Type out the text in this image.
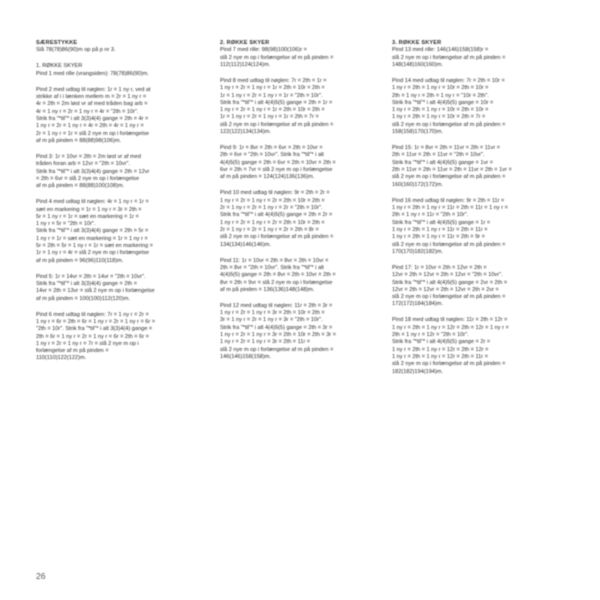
SÆRESTYKKE

Slå 78(78)86(90)m op på p nr 3.

1. RØKKE SKYER

Pind 1 med rille (vrangsiden): 78(78)86(90)m.

Pind 2 med udtag til nøglen: 1r = 1 ny r, ved at

strikke af i i lænken mellem m = 2r = 1 ny r =

4r = 2th = 2m løst vr af med tråden bag arb =

4r = 1 ny r = 2r = 1 ny r = 4r = "2th = 10r".

Strik fra "*til"* i alt 3(3)4(4) gange = 2th = 4r =

1 ny r = 2r = 1 ny r = 4r = 2th = 4r = 1 ny r =

2r = 1 ny r = 1r = slå 2 nye m op i forlængelse

af m på pinden = 88(88)98(106)m.

Pind 3: 1r = 10vr = 2th = 2m løst vr af med

tråden foran arb = 12vr = "2th = 10vr".

Strik fra "*til"* i alt 3(3)4(4) gange = 2th = 12vr

= 2th = 6vr = slå 2 nye m op i forlængelse

af m på pinden = 88(88)100(108)m.

Pind 4 med udtag til nøglen: 4r = 1 ny r = 1r =

sæt en markering = 1r = 1 ny r = 3r = 2th =

5r = 1 ny r = 1r = sæt en markering = 1r =

1 ny r = 5r = "2th = 10r".

Strik fra "*til"* i alt 3(3)4(4) gange = 2th = 5r =

1 ny r = 1r = sæt en markering = 1r = 1 ny r =

5r = 2th = 5r = 1 ny r = 1r = sæt en markering =

1r = 1 ny r = 4r = slå 2 nye m op i forlængelse

af m på pinden = 96(96)110(118)m.

Pind 5: 1r = 14vr = 2th = 14vr = "2th = 10vr".

Strik fra "*til"* i alt 3(3)4(4) gange = 2th =

14vr = 2th = 13vr = slå 2 nye m op i forlængelse

af m på pinden = 100(100)112(120)m.

Pind 6 med udtag til nøglen: 7r = 1 ny r = 2r =

1 ny r = 6r = 2th = 6r = 1 ny r = 2r = 1 ny r = 6r =

"2th = 10r". Strik fra "*til"* i alt 3(3)4(4) gange =

2th = 6r = 1 ny r = 2r = 1 ny r = 6r = 2th = 6r =

1 ny r = 2r = 1 ny r = 7r = slå 2 nye m op i

forlængelse af m på pinden =

110(110)122(122)m.

2. RØKKE SKYER

Pind 7 med rille: 98(98)100(106)r =

slå 2 nye m op i forlængelse af m på pinden =

112(112)124(124)m.

Pind 8 med udtag til nøglen: 7r = 2th = 1r =

1 ny r = 2r = 1 ny r = 1r = 2th = 10r = 2th =

1r = 1 ny r = 2r = 1 ny r = 1r = "2th = 10r".

Strik fra "*til"* i alt 4(4)5(5) gange = 2th = 1r =

1 ny r = 2r = 1 ny r = 1r = 2th = 10r = 2th =

1r = 1 ny r = 2r = 1 ny r = 1r = 2th = 7r =

slå 2 nye m op i forlængelse af m på pinden =

122(122)134(134)m.

Pind 9: 1r = 8vr = 2th = 6vr = 2th = 10vr =

2th = 6vr = "2th = 10vr". Strik fra "*til"* i alt

4(4)5(5) gange = 2th = 6vr = 2th = 10vr = 2th =

6vr = 2th = 7vr = slå 2 nye m op i forlængelse

af m på pinden = 124(124)136(136)m.

Pind 10 med udtag til nøglen: 9r = 2th = 2r =

1 ny r = 2r = 1 ny r = 2r = 2th = 10r = 2th =

2r = 1 ny r = 2r = 1 ny r = 2r = "2th = 10r".

Strik fra "*til"* i alt 4(4)5(5) gange = 2th = 2r =

1 ny r = 2r = 1 ny r = 2r = 2th = 10r = 2th =

2r = 1 ny r = 2r = 1 ny r = 2r = 2th = 8r =

slå 2 nye m op i forlængelse af m på pinden =

134(134)146(146)m.

Pind 11: 1r = 10vr = 2th = 8vr = 2th = 10vr =

2th = 8vr = "2th = 10vr". Strik fra "*til"* i alt

4(4)5(5) gange = 2th = 8vr = 2th = 10vr = 2th =

8vr = 2th = 9vr = slå 2 nye m op i forlængelse

af m på pinden = 136(136)148(148)m.

Pind 12 med udtag til nøglen: 11r = 2th = 3r =

1 ny r = 2r = 1 ny r = 3r = 2th = 10r = 2th =

3r = 1 ny r = 2r = 1 ny r = 3r = "2th = 10r".

Strik fra "*til"* i alt 4(4)5(5) gange = 2th = 3r =

1 ny r = 2r = 1 ny r = 3r = 2th = 10r = 2th = 3r =

1 ny r = 2r = 1 ny r = 3r = 2th = 11r =

slå 2 nye m op i forlængelse af m på pinden =

146(146)158(158)m.

3. RØKKE SKYER

Pind 13 med rille: 146(146)158(158)r =

slå 2 nye m op i forlængelse af m på pinden =

148(148)160(160)m.

Pind 14 med udtag til nøglen: 7r = 2th = 10r =

1 ny r = 2th = 1 ny r = 10r = 2th = 10r =

2th = 1 ny r = 2th = 1 ny r = "10r = 2th".

Strik fra "*til"* i alt 4(4)5(5) gange = 10r =

1 ny r = 2th = 1 ny r = 10r = 2th = 10r =

1 ny r = 2th = 1 ny r = 10r = 2th = 7r =

slå 2 nye m op i forlængelse af m på pinden =

158(158)170(170)m.

Pind 15: 1r = 8vr = 2th = 11vr = 2th = 11vr =

2th = 11vr = 2th = 11vr = "2th = 10vr".

Strik fra "*til"* i alt 4(4)5(5) gange = 1vr =

2th = 11vr = 2th = 11vr = 2th = 11vr = 2th = 1vr =

slå 2 nye m op i forlængelse af m på pinden =

160(160)172(172)m.

Pind 16 med udtag til nøglen: 9r = 2th = 11r =

1 ny r = 2th = 1 ny r = 11r = 2th = 11r = 1 ny r =

2th = 1 ny r = 11r = "2th = 10r".

Strik fra "*til"* i alt 4(4)5(5) gange = 1r =

1 ny r = 2th = 1 ny r = 11r = 2th = 11r =

1 ny r = 2th = 1 ny r = 11r = 2th = 9r =

slå 2 nye m op i forlængelse af m på pinden =

170(170)182(182)m.

Pind 17: 1r = 10vr = 2th = 12vr = 2th =

12vr = 2th = 12vr = 2th = 12vr = "2th = 10vr".

Strik fra "*til"* i alt 4(4)5(5) gange = 2vr = 2th =

12vr = 2th = 12vr = 2th = 12vr = 2th = 2vr =

slå 2 nye m op i forlængelse af m på pinden =

172(172)184(184)m.

Pind 18 med udtag til nøglen: 11r = 2th = 12r =

1 ny r = 2th = 1 ny r = 12r = 2th = 12r = 1 ny r =

2th = 1 ny r = 12r = "2th = 10r".

Strik fra "*til"* i alt 4(4)5(5) gange = 2r =

1 ny r = 2th = 1 ny r = 12r = 2th = 12r =

1 ny r = 2th = 1 ny r = 12r = 2th = 11r =

slå 2 nye m op i forlængelse af m på pinden =

182(182)194(194)m.

26
